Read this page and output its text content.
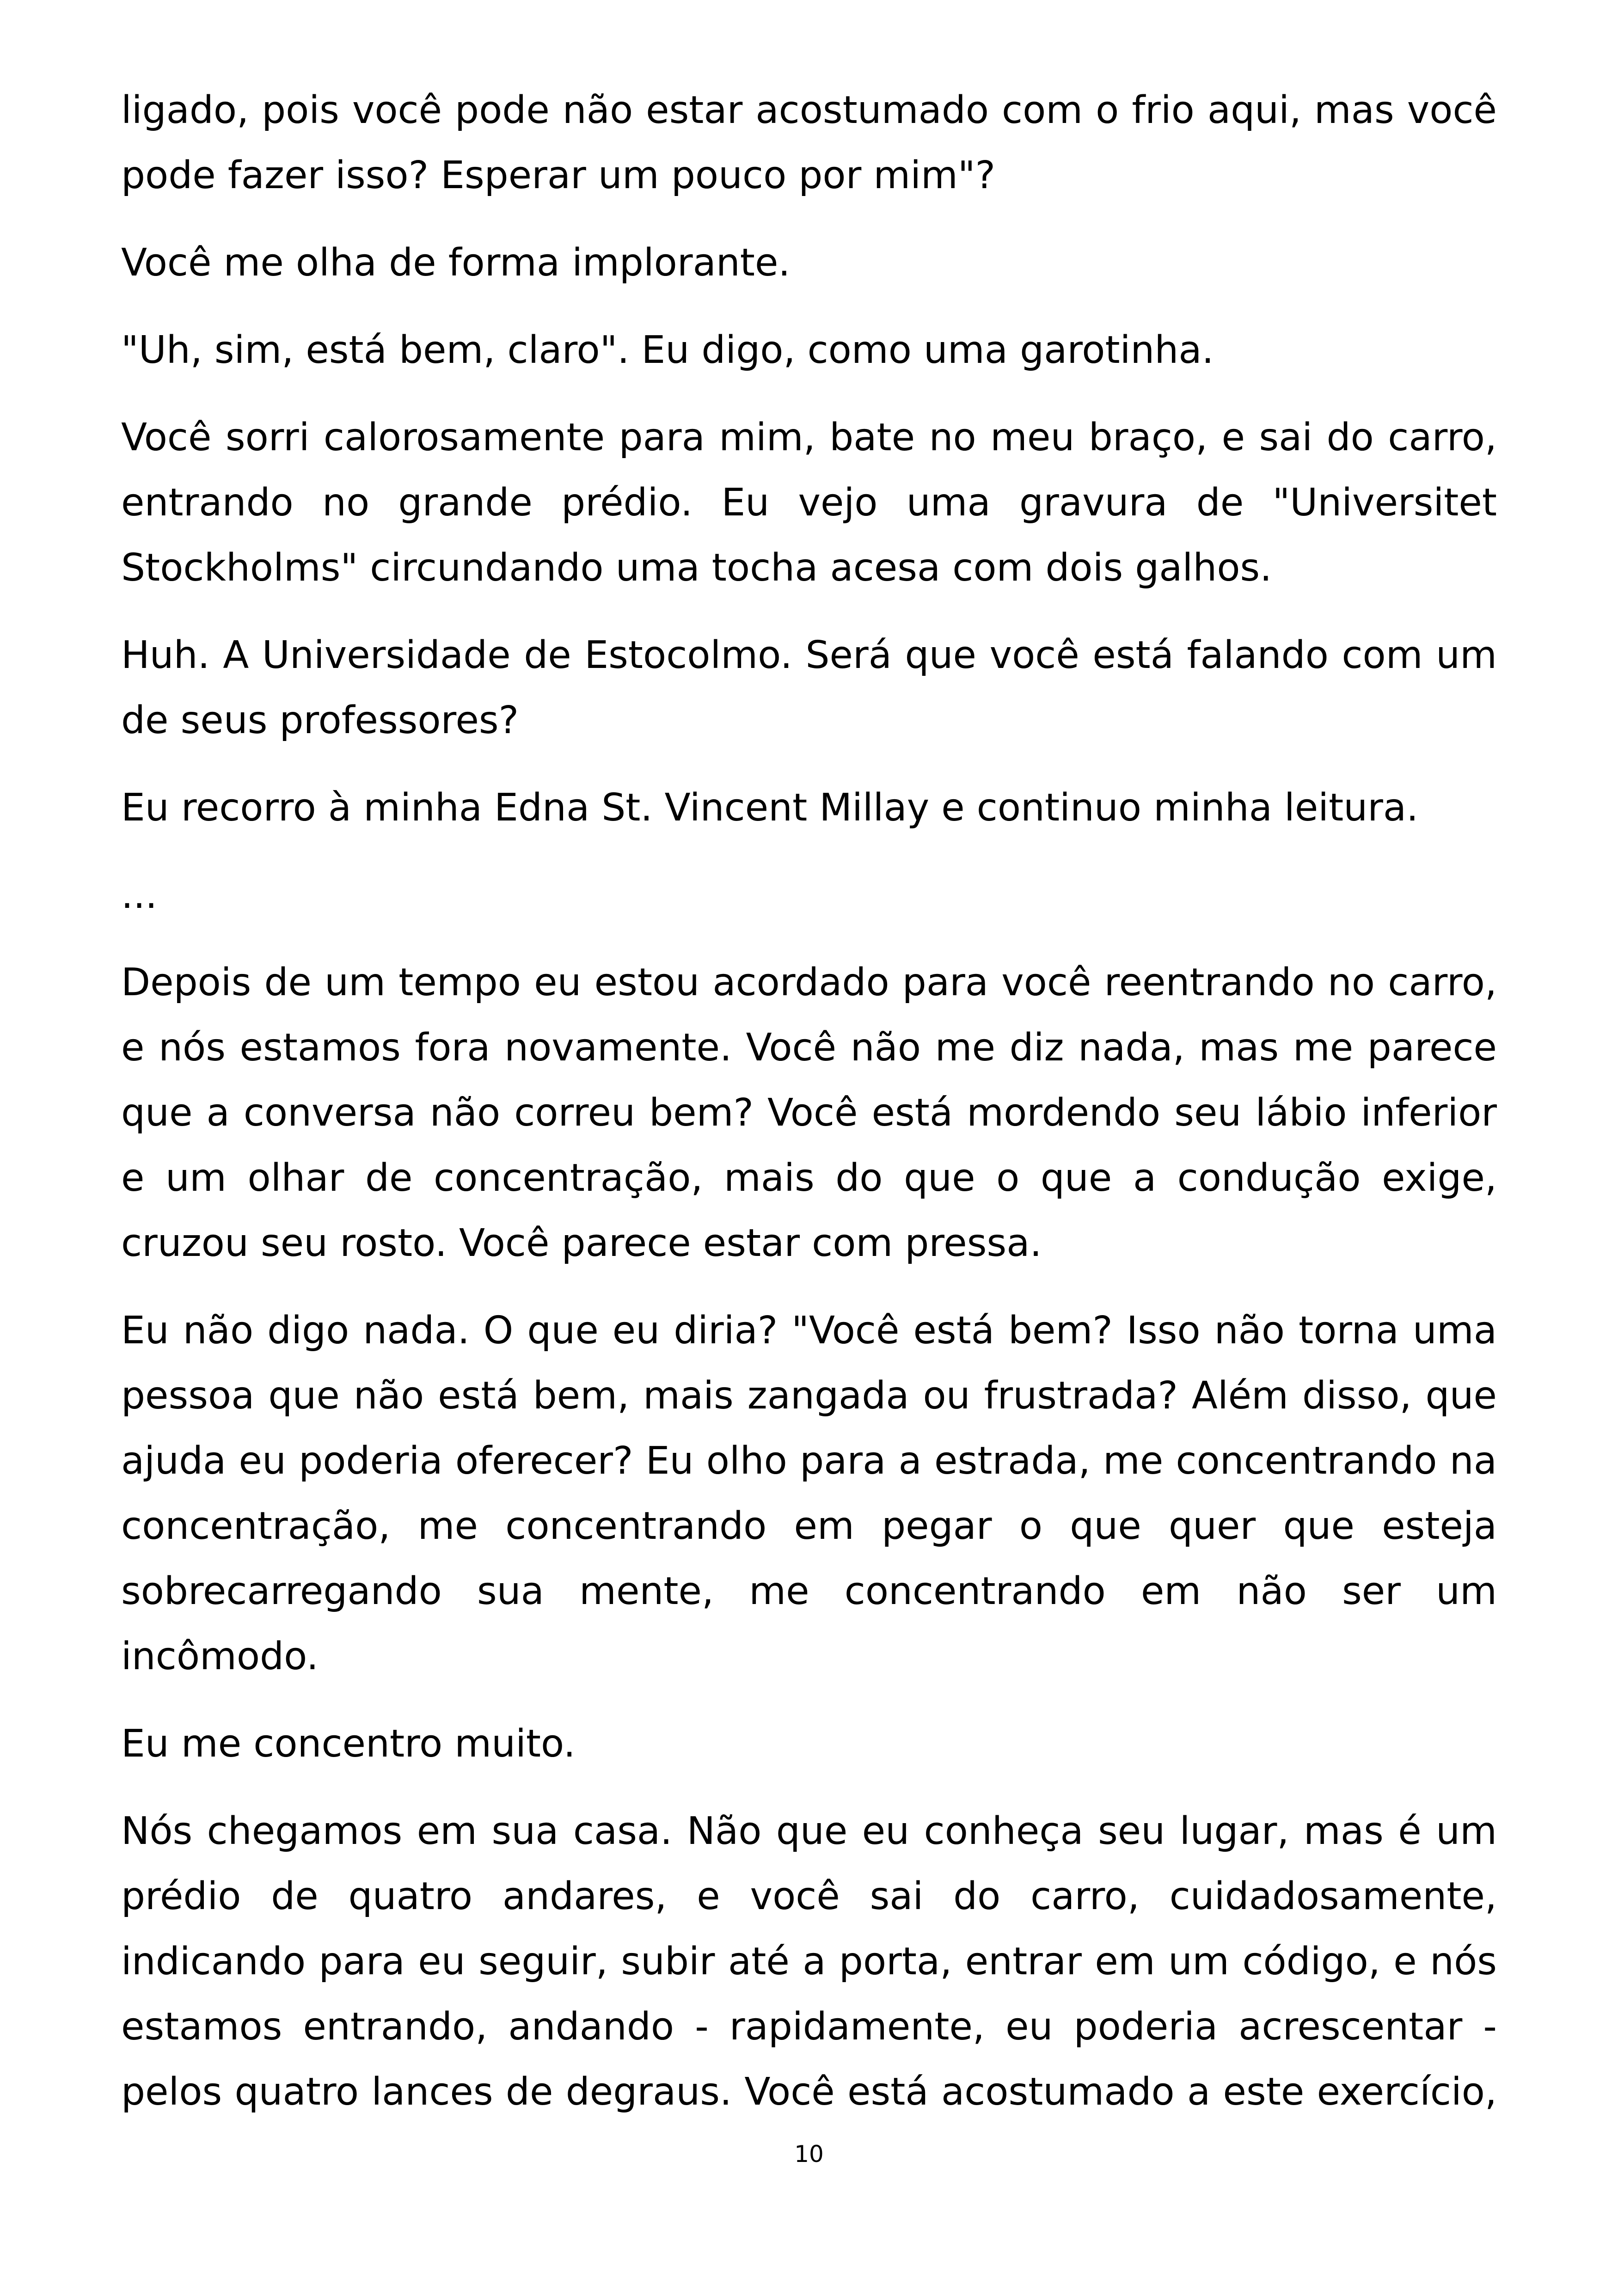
ligado, pois você pode não estar acostumado com o frio aqui, mas você pode fazer isso? Esperar um pouco por mim"?

Você me olha de forma implorante.

"Uh, sim, está bem, claro". Eu digo, como uma garotinha.

Você sorri calorosamente para mim, bate no meu braço, e sai do carro, entrando no grande prédio. Eu vejo uma gravura de "Universitet Stockholms" circundando uma tocha acesa com dois galhos.

Huh. A Universidade de Estocolmo. Será que você está falando com um de seus professores?

Eu recorro à minha Edna St. Vincent Millay e continuo minha leitura.

...

Depois de um tempo eu estou acordado para você reentrando no carro, e nós estamos fora novamente. Você não me diz nada, mas me parece que a conversa não correu bem? Você está mordendo seu lábio inferior e um olhar de concentração, mais do que o que a condução exige, cruzou seu rosto. Você parece estar com pressa.

Eu não digo nada. O que eu diria? "Você está bem? Isso não torna uma pessoa que não está bem, mais zangada ou frustrada? Além disso, que ajuda eu poderia oferecer? Eu olho para a estrada, me concentrando na concentração, me concentrando em pegar o que quer que esteja sobrecarregando sua mente, me concentrando em não ser um incômodo.

Eu me concentro muito.

Nós chegamos em sua casa. Não que eu conheça seu lugar, mas é um prédio de quatro andares, e você sai do carro, cuidadosamente, indicando para eu seguir, subir até a porta, entrar em um código, e nós estamos entrando, andando - rapidamente, eu poderia acrescentar - pelos quatro lances de degraus. Você está acostumado a este exercício,

10
